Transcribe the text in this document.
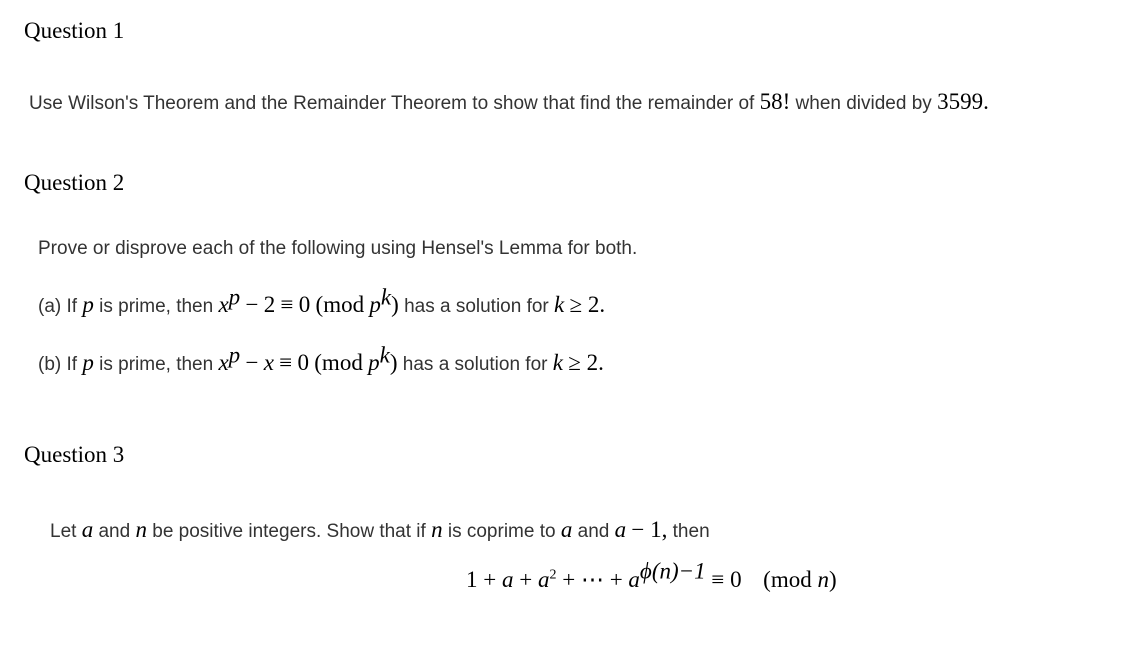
Question 1
Use Wilson's Theorem and the Remainder Theorem to show that find the remainder of 58! when divided by 3599.
Question 2
Prove or disprove each of the following using Hensel's Lemma for both.
(a) If p is prime, then $x^p - 2 \equiv 0$ (mod $p^k$) has a solution for k ≥ 2.
(b) If p is prime, then $x^p - x \equiv 0$ (mod $p^k$) has a solution for k ≥ 2.
Question 3
Let a and n be positive integers. Show that if n is coprime to a and a − 1, then
$1 + a + a^2$ + ⋯ + $a^{\phi(n)-1} \equiv 0$ (mod n)
